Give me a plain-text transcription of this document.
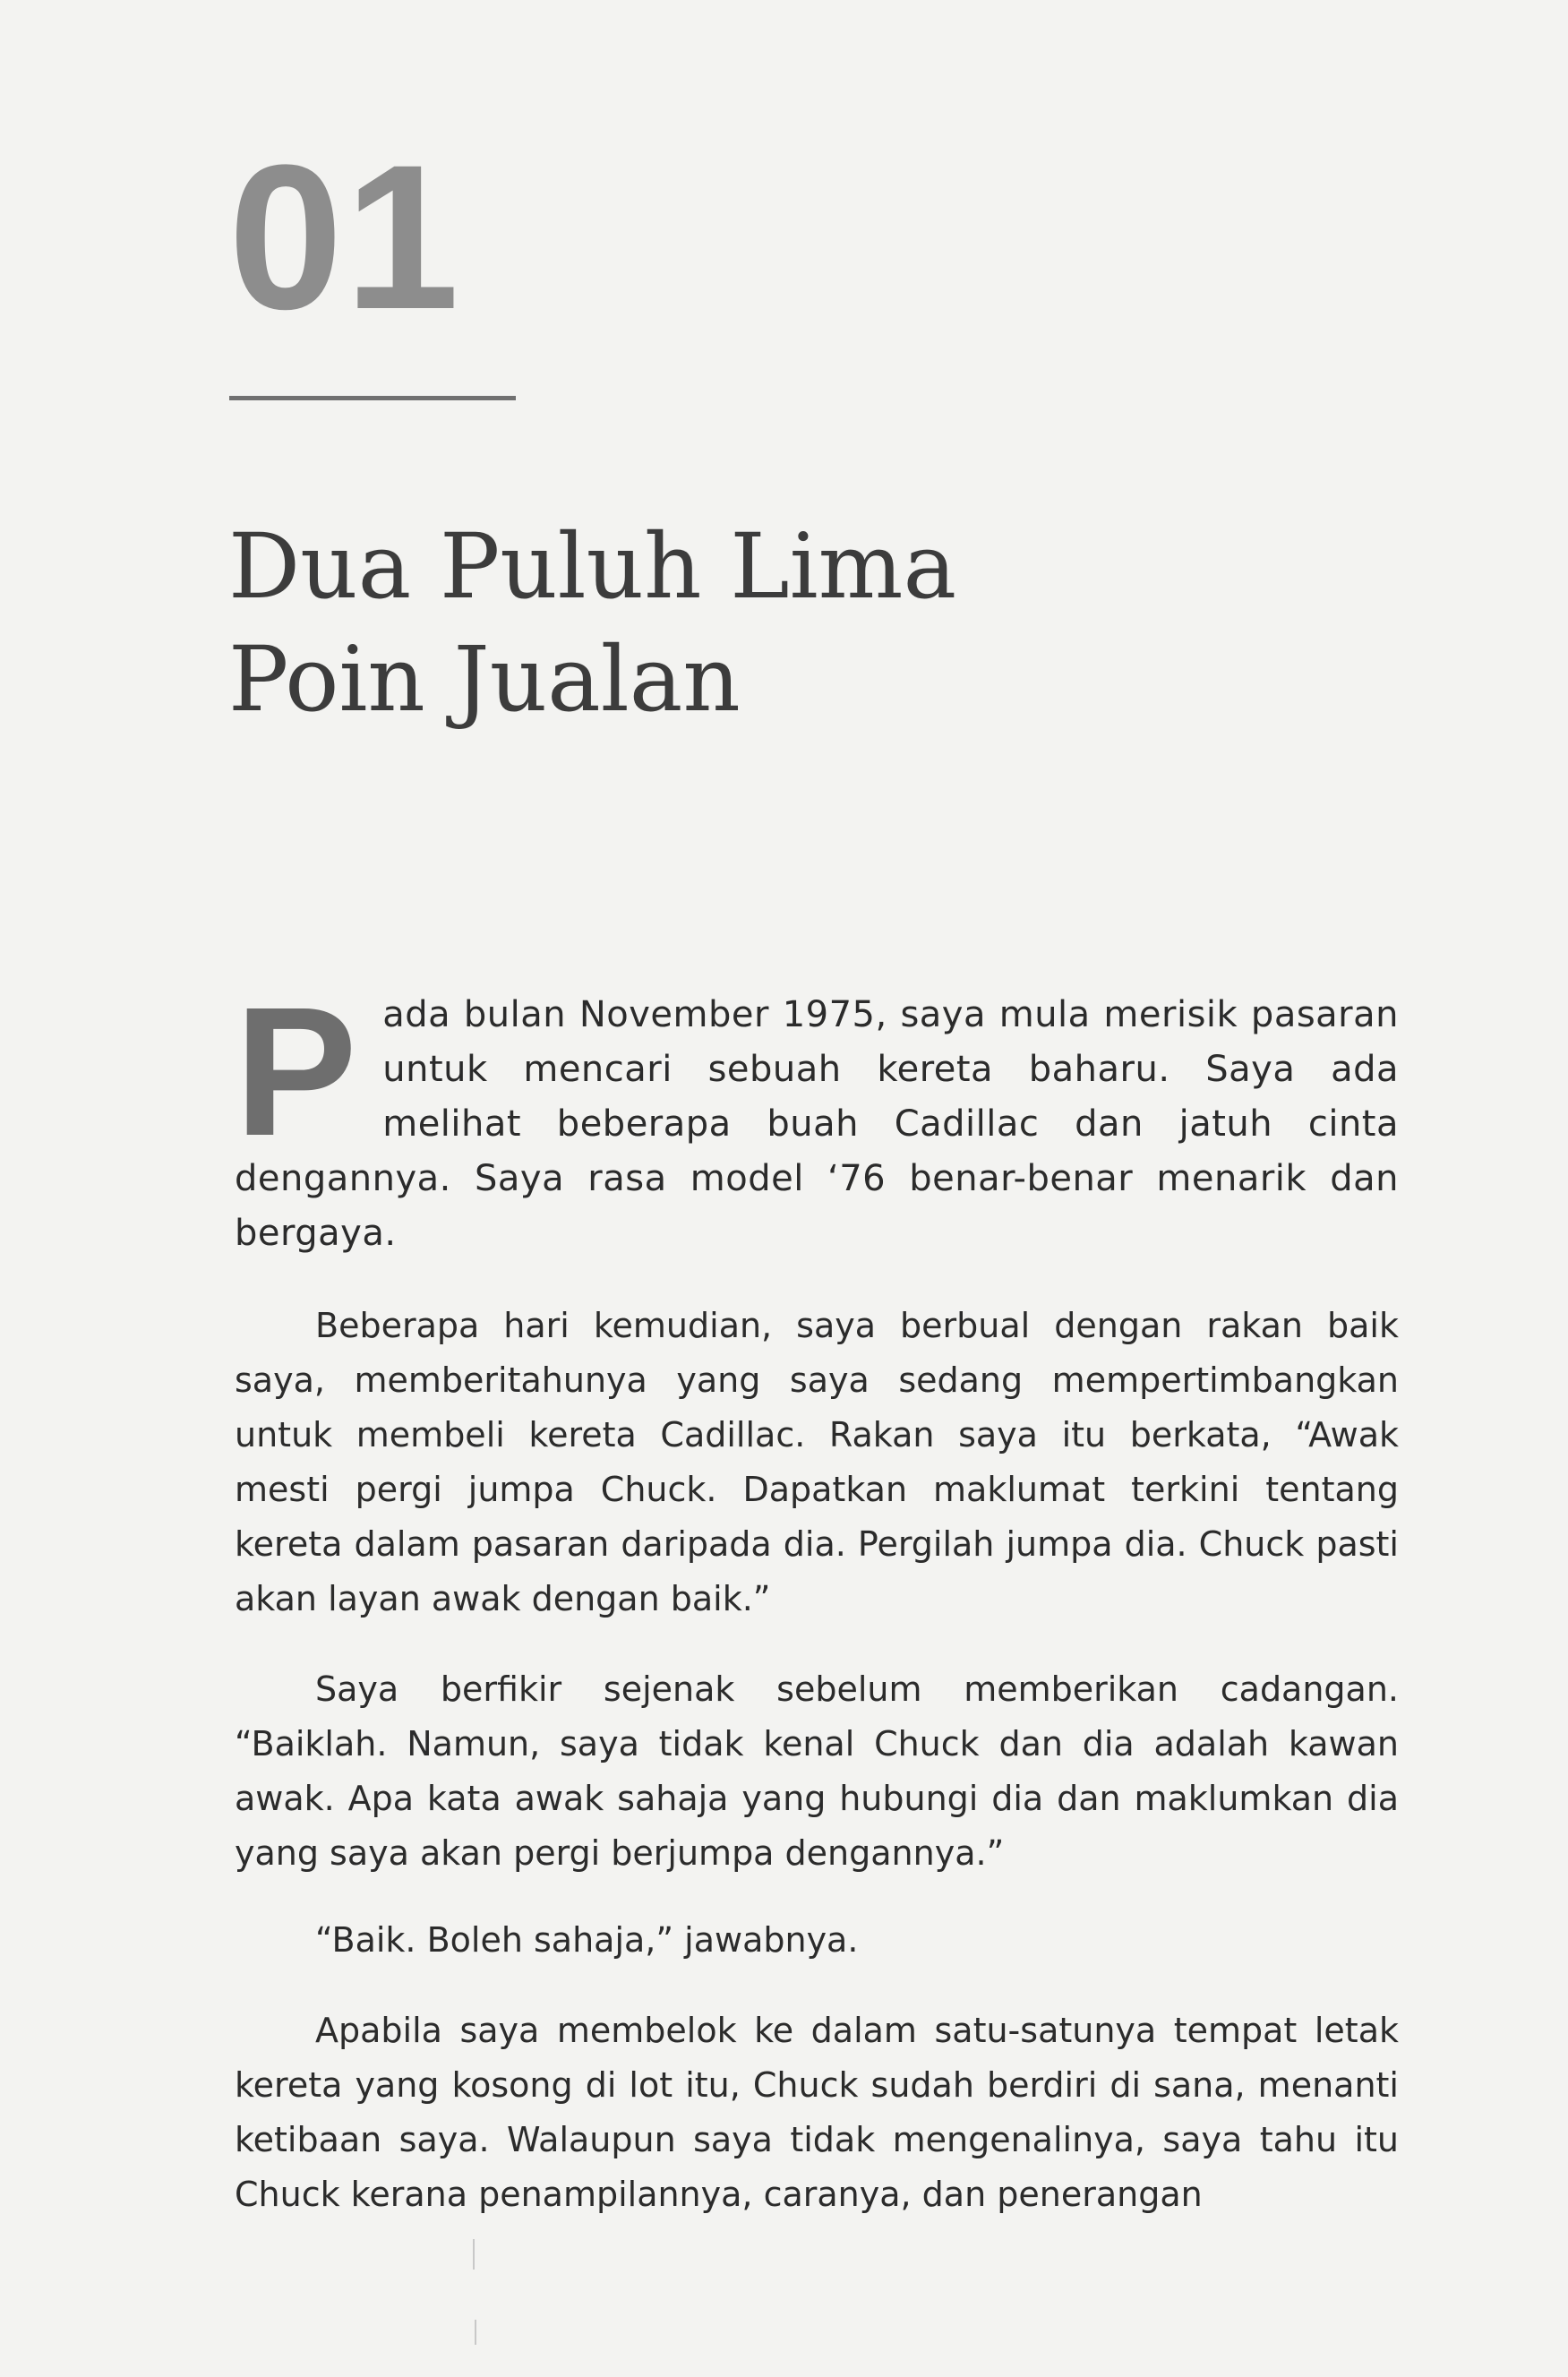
01
Dua Puluh Lima
Poin Jualan

Pada bulan November 1975, saya mula merisik pasaran untuk mencari sebuah kereta baharu. Saya ada melihat beberapa buah Cadillac dan jatuh cinta dengannya. Saya rasa model ‘76 benar-benar menarik dan bergaya.

Beberapa hari kemudian, saya berbual dengan rakan baik saya, memberitahunya yang saya sedang mempertimbangkan untuk membeli kereta Cadillac. Rakan saya itu berkata, “Awak mesti pergi jumpa Chuck. Dapatkan maklumat terkini tentang kereta dalam pasaran daripada dia. Pergilah jumpa dia. Chuck pasti akan layan awak dengan baik.”

Saya berfikir sejenak sebelum memberikan cadangan. “Baiklah. Namun, saya tidak kenal Chuck dan dia adalah kawan awak. Apa kata awak sahaja yang hubungi dia dan maklumkan dia yang saya akan pergi berjumpa dengannya.”

“Baik. Boleh sahaja,” jawabnya.

Apabila saya membelok ke dalam satu-satunya tempat letak kereta yang kosong di lot itu, Chuck sudah berdiri di sana, menanti ketibaan saya. Walaupun saya tidak mengenalinya, saya tahu itu Chuck kerana penampilannya, caranya, dan penerangan
